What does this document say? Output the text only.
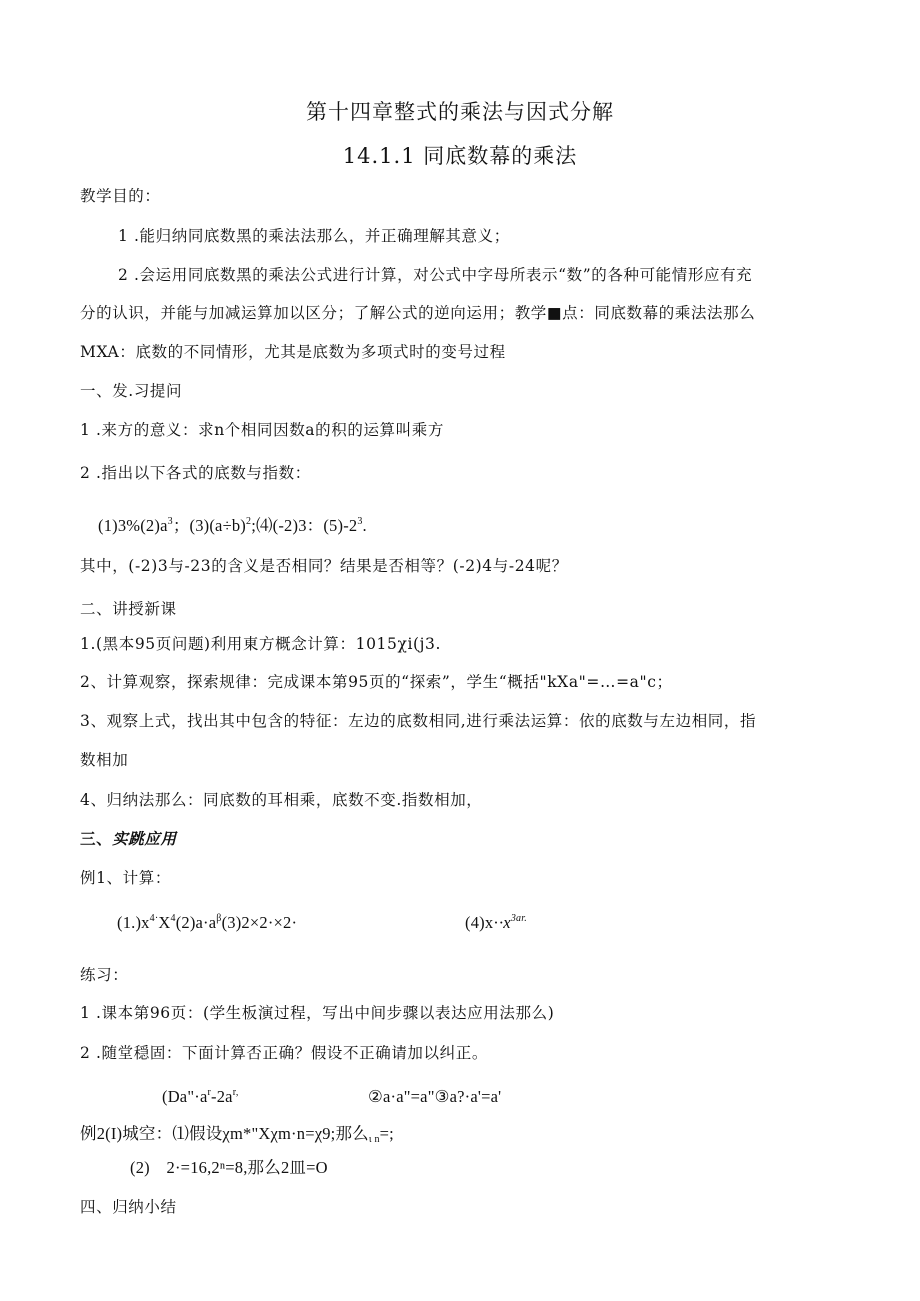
第十四章整式的乘法与因式分解
14.1.1 同底数幕的乘法
教学目的：
1 .能归纳同底数黑的乘法法那么，并正确理解其意义；
2 .会运用同底数黑的乘法公式进行计算，对公式中字母所表示“数”的各种可能情形应有充
分的认识，并能与加减运算加以区分；了解公式的逆向运用；教学■点：同底数幕的乘法法那么
MXA：底数的不同情形，尤其是底数为多项式时的变号过程
一、发.习提问
1 .来方的意义：求n个相同因数a的积的运算叫乘方
2 .指出以下各式的底数与指数：
$(1)3\%(2)a^3$；$(3)(a\div b)^2;⑷(-2)3$：$(5)-2^3$.
其中，(-2)3与-23的含义是否相同？结果是否相等？(-2)4与-24呢？
二、讲授新课
1.(黑本95页问题)利用東方概念计算：1015χi(j3.
2、计算观察，探索规律：完成课本第95页的“探索”，学生“概括"kXa"=…=a"c；
3、观察上式，找出其中包含的特征：左边的底数相同,进行乘法运算：依的底数与左边相同，指
数相加
4、归纳法那么：同底数的耳相乘，底数不变.指数相加，
三、实跳应用
例1、计算：
$(1.)x^{4\cdot}X^4(2)a\cdot a^\beta(3)2\times 2\cdot\times 2\cdot$	$(4)x\cdot\cdot x^{3ar.}$
练习：
1 .课本第96页：(学生板演过程，写出中间步骤以表达应用法那么)
2 .随堂穏固：下面计算否正确？假设不正确请加以纠正。
($Da"\cdot a^r-2a^{r,}$	②a·a"=a"③a?·a'=a'
例2(I)城空：⑴假设χm*"Xχm·n=χ9;那么$_{\iota n}$=;
(2)　2·=16,2ⁿ=8,那么2皿=O
四、归纳小结
